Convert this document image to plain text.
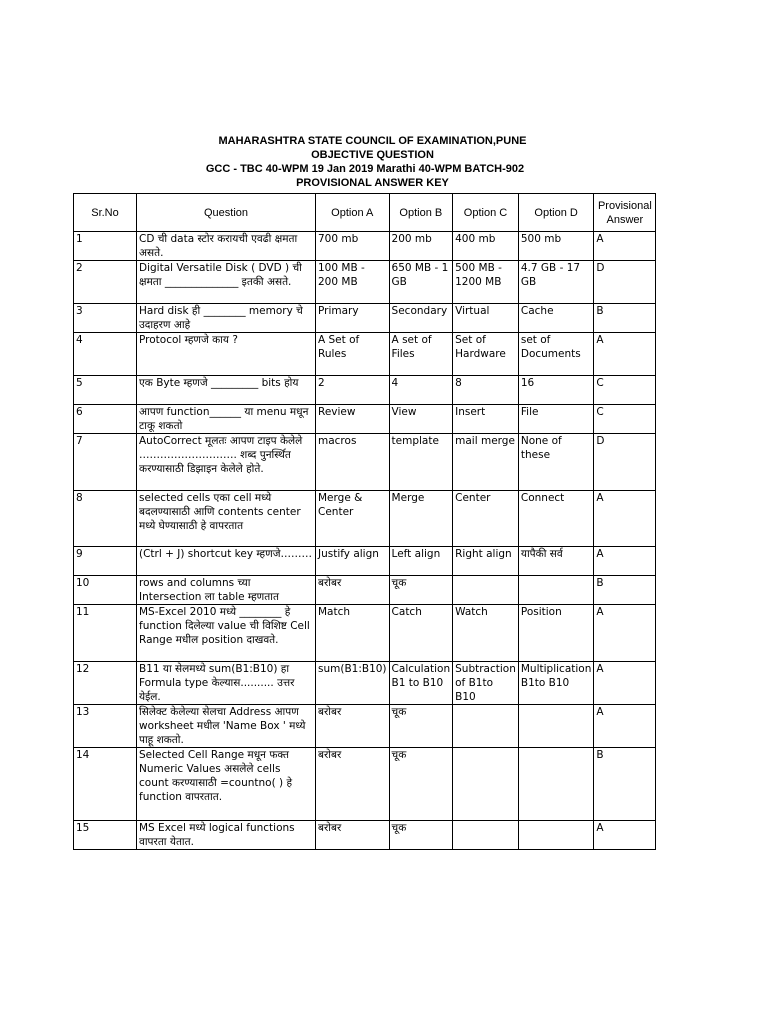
MAHARASHTRA STATE COUNCIL OF EXAMINATION,PUNE
OBJECTIVE QUESTION
GCC - TBC 40-WPM 19 Jan 2019 Marathi 40-WPM BATCH-902
PROVISIONAL ANSWER KEY
Sr.No	Question	Option A	Option B	Option C	Option D	Provisional Answer
1	CD ची data स्टोर करायची एवढी क्षमता असते.	700 mb	200 mb	400 mb	500 mb	A
2	Digital Versatile Disk ( DVD ) ची क्षमता ______________ इतकी असते.	100 MB - 200 MB	650 MB - 1 GB	500 MB - 1200 MB	4.7 GB - 17 GB	D
3	Hard disk ही ________ memory चे उदाहरण आहे	Primary	Secondary	Virtual	Cache	B
4	Protocol म्हणजे काय ?	A Set of Rules	A set of Files	Set of Hardware	set of Documents	A
5	एक Byte म्हणजे _________ bits होय	2	4	8	16	C
6	आपण function______ या menu मधून टाकू शकतो	Review	View	Insert	File	C
7	AutoCorrect मूलतः आपण टाइप केलेले ………………………. शब्द पुनर्स्थित करण्यासाठी डिझाइन केलेले होते.	macros	template	mail merge	None of these	D
8	selected cells एका cell मध्ये बदलण्यासाठी आणि contents center मध्ये घेण्यासाठी हे वापरतात	Merge & Center	Merge	Center	Connect	A
9	(Ctrl + J) shortcut key म्हणजे………	Justify align	Left align	Right align	यापैकी सर्व	A
10	rows and columns च्या Intersection ला table म्हणतात	बरोबर	चूक			B
11	MS-Excel 2010 मध्ये ________ हे function दिलेल्या value ची विशिष्ट Cell Range मधील position दाखवते.	Match	Catch	Watch	Position	A
12	B11 या सेलमध्ये sum(B1:B10) हा Formula type केल्यास.......... उत्तर येईल.	sum(B1:B10)	Calculation B1 to B10	Subtraction of B1to B10	Multiplication B1to B10	A
13	सिलेक्ट केलेल्या सेलचा Address आपण worksheet मधील 'Name Box ' मध्ये पाहू शकतो.	बरोबर	चूक			A
14	Selected Cell Range मधून फक्त Numeric Values असलेले cells count करण्यासाठी =countno( ) हे function वापरतात.	बरोबर	चूक			B
15	MS Excel मध्ये logical functions वापरता येतात.	बरोबर	चूक			A
